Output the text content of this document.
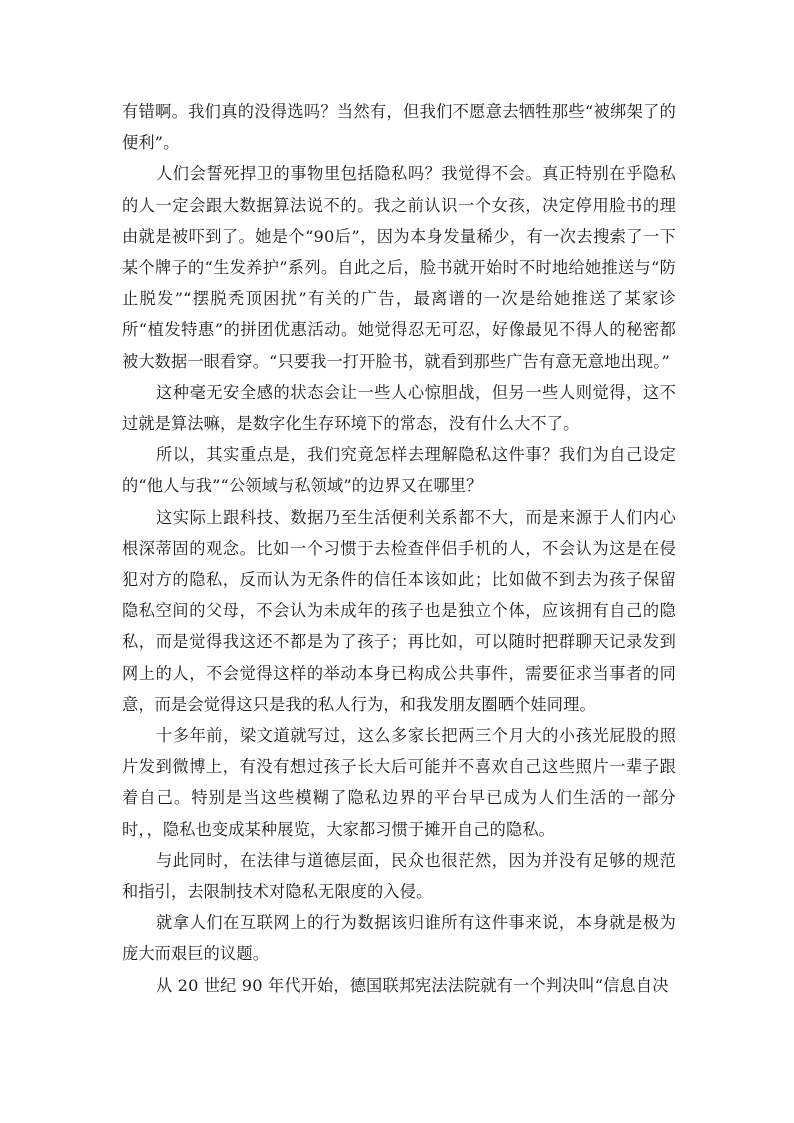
有错啊。我们真的没得选吗？当然有，但我们不愿意去牺牲那些“被绑架了的便利”。

人们会誓死捍卫的事物里包括隐私吗？我觉得不会。真正特别在乎隐私的人一定会跟大数据算法说不的。我之前认识一个女孩，决定停用脸书的理由就是被吓到了。她是个“90后”，因为本身发量稀少，有一次去搜索了一下某个牌子的“生发养护”系列。自此之后，脸书就开始时不时地给她推送与“防止脱发”“摆脱秃顶困扰”有关的广告，最离谱的一次是给她推送了某家诊所“植发特惠”的拼团优惠活动。她觉得忍无可忍，好像最见不得人的秘密都被大数据一眼看穿。“只要我一打开脸书，就看到那些广告有意无意地出现。”

这种毫无安全感的状态会让一些人心惊胆战，但另一些人则觉得，这不过就是算法嘛，是数字化生存环境下的常态，没有什么大不了。

所以，其实重点是，我们究竟怎样去理解隐私这件事？我们为自己设定的“他人与我”“公领域与私领域”的边界又在哪里？

这实际上跟科技、数据乃至生活便利关系都不大，而是来源于人们内心根深蒂固的观念。比如一个习惯于去检查伴侣手机的人，不会认为这是在侵犯对方的隐私，反而认为无条件的信任本该如此；比如做不到去为孩子保留隐私空间的父母，不会认为未成年的孩子也是独立个体，应该拥有自己的隐私，而是觉得我这还不都是为了孩子；再比如，可以随时把群聊天记录发到网上的人，不会觉得这样的举动本身已构成公共事件，需要征求当事者的同意，而是会觉得这只是我的私人行为，和我发朋友圈晒个娃同理。

十多年前，梁文道就写过，这么多家长把两三个月大的小孩光屁股的照片发到微博上，有没有想过孩子长大后可能并不喜欢自己这些照片一辈子跟着自己。特别是当这些模糊了隐私边界的平台早已成为人们生活的一部分时，，隐私也变成某种展览，大家都习惯于摊开自己的隐私。

与此同时，在法律与道德层面，民众也很茫然，因为并没有足够的规范和指引，去限制技术对隐私无限度的入侵。

就拿人们在互联网上的行为数据该归谁所有这件事来说，本身就是极为庞大而艰巨的议题。

从 20 世纪 90 年代开始，德国联邦宪法法院就有一个判决叫“信息自决
